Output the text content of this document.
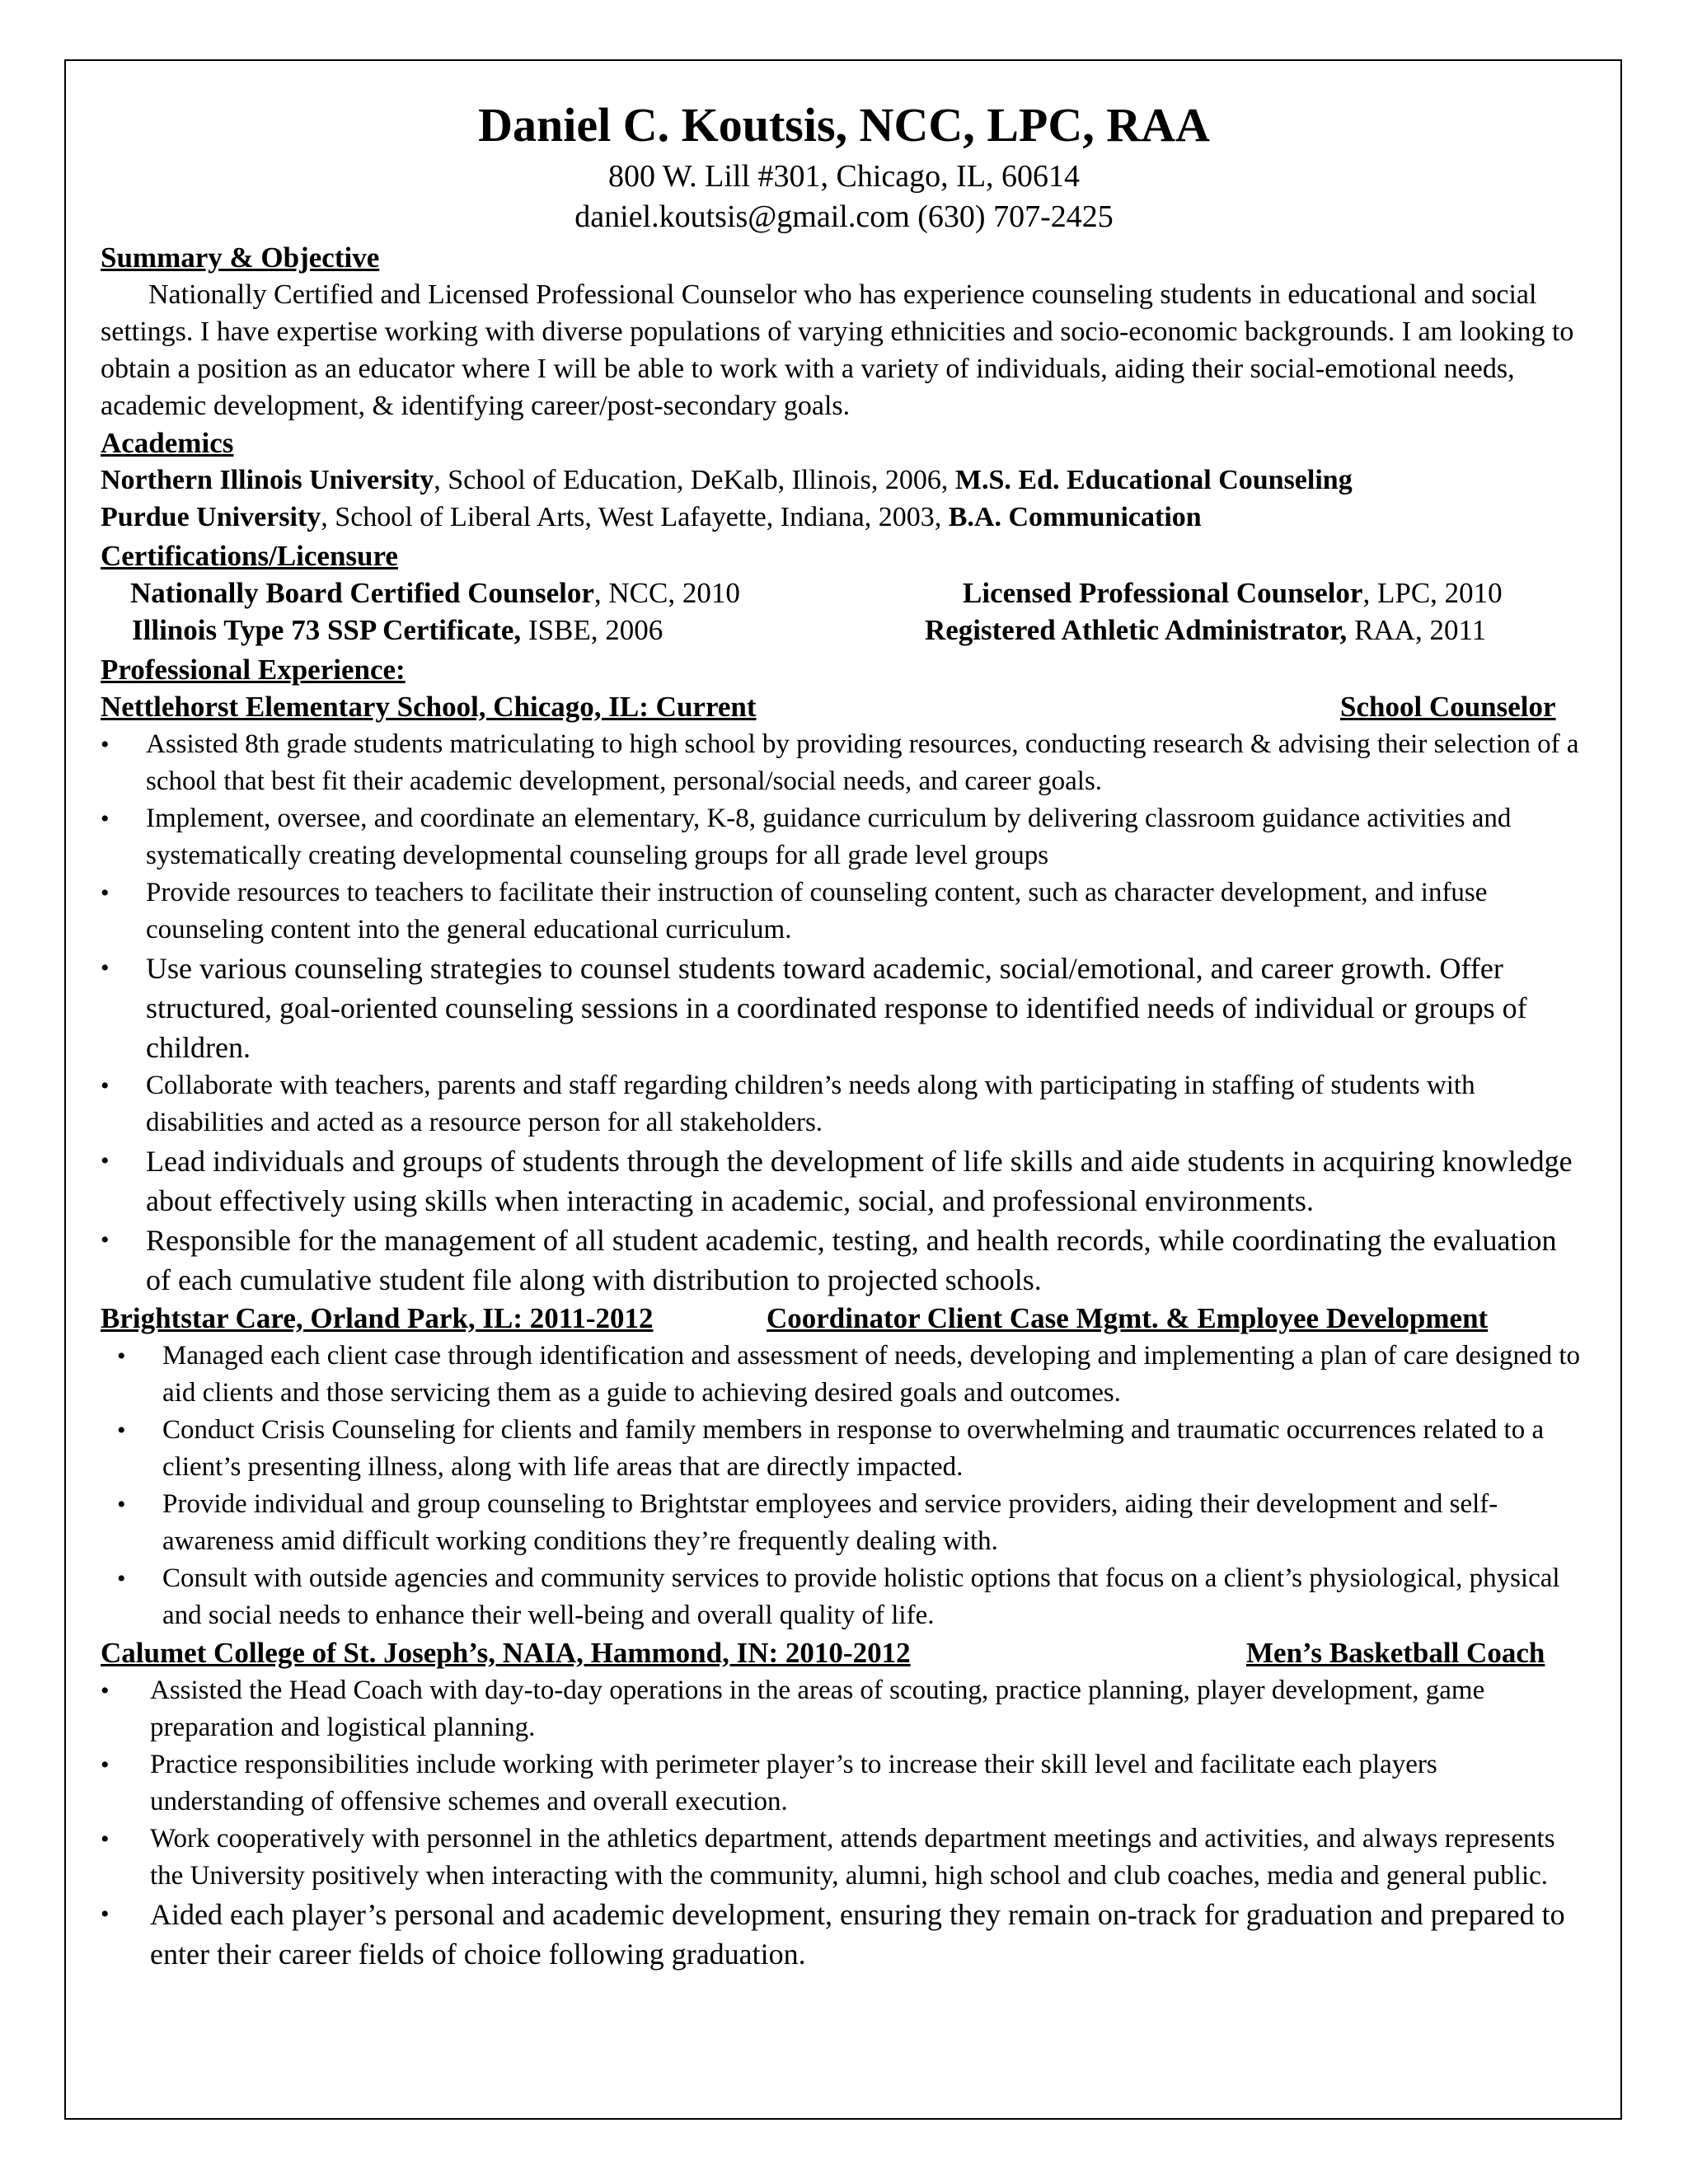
Daniel C. Koutsis, NCC, LPC, RAA
800 W. Lill #301, Chicago, IL, 60614
daniel.koutsis@gmail.com (630) 707-2425
Summary & Objective
Nationally Certified and Licensed Professional Counselor who has experience counseling students in educational and social settings. I have expertise working with diverse populations of varying ethnicities and socio-economic backgrounds. I am looking to obtain a position as an educator where I will be able to work with a variety of individuals, aiding their social-emotional needs, academic development, & identifying career/post-secondary goals.
Academics
Northern Illinois University, School of Education, DeKalb, Illinois, 2006, M.S. Ed. Educational Counseling
Purdue University, School of Liberal Arts, West Lafayette, Indiana, 2003, B.A. Communication
Certifications/Licensure
Nationally Board Certified Counselor, NCC, 2010	Licensed Professional Counselor, LPC, 2010
Illinois Type 73 SSP Certificate, ISBE, 2006	Registered Athletic Administrator, RAA, 2011
Professional Experience:
Nettlehorst Elementary School, Chicago, IL: Current	School Counselor
• Assisted 8th grade students matriculating to high school by providing resources, conducting research & advising their selection of a school that best fit their academic development, personal/social needs, and career goals.
• Implement, oversee, and coordinate an elementary, K-8, guidance curriculum by delivering classroom guidance activities and systematically creating developmental counseling groups for all grade level groups
• Provide resources to teachers to facilitate their instruction of counseling content, such as character development, and infuse counseling content into the general educational curriculum.
• Use various counseling strategies to counsel students toward academic, social/emotional, and career growth. Offer structured, goal-oriented counseling sessions in a coordinated response to identified needs of individual or groups of children.
• Collaborate with teachers, parents and staff regarding children’s needs along with participating in staffing of students with disabilities and acted as a resource person for all stakeholders.
• Lead individuals and groups of students through the development of life skills and aide students in acquiring knowledge about effectively using skills when interacting in academic, social, and professional environments.
• Responsible for the management of all student academic, testing, and health records, while coordinating the evaluation of each cumulative student file along with distribution to projected schools.
Brightstar Care, Orland Park, IL: 2011-2012	Coordinator Client Case Mgmt. & Employee Development
• Managed each client case through identification and assessment of needs, developing and implementing a plan of care designed to aid clients and those servicing them as a guide to achieving desired goals and outcomes.
• Conduct Crisis Counseling for clients and family members in response to overwhelming and traumatic occurrences related to a client’s presenting illness, along with life areas that are directly impacted.
• Provide individual and group counseling to Brightstar employees and service providers, aiding their development and self-awareness amid difficult working conditions they’re frequently dealing with.
• Consult with outside agencies and community services to provide holistic options that focus on a client’s physiological, physical and social needs to enhance their well-being and overall quality of life.
Calumet College of St. Joseph’s, NAIA, Hammond, IN: 2010-2012	Men’s Basketball Coach
• Assisted the Head Coach with day-to-day operations in the areas of scouting, practice planning, player development, game preparation and logistical planning.
• Practice responsibilities include working with perimeter player’s to increase their skill level and facilitate each players understanding of offensive schemes and overall execution.
• Work cooperatively with personnel in the athletics department, attends department meetings and activities, and always represents the University positively when interacting with the community, alumni, high school and club coaches, media and general public.
• Aided each player’s personal and academic development, ensuring they remain on-track for graduation and prepared to enter their career fields of choice following graduation.
